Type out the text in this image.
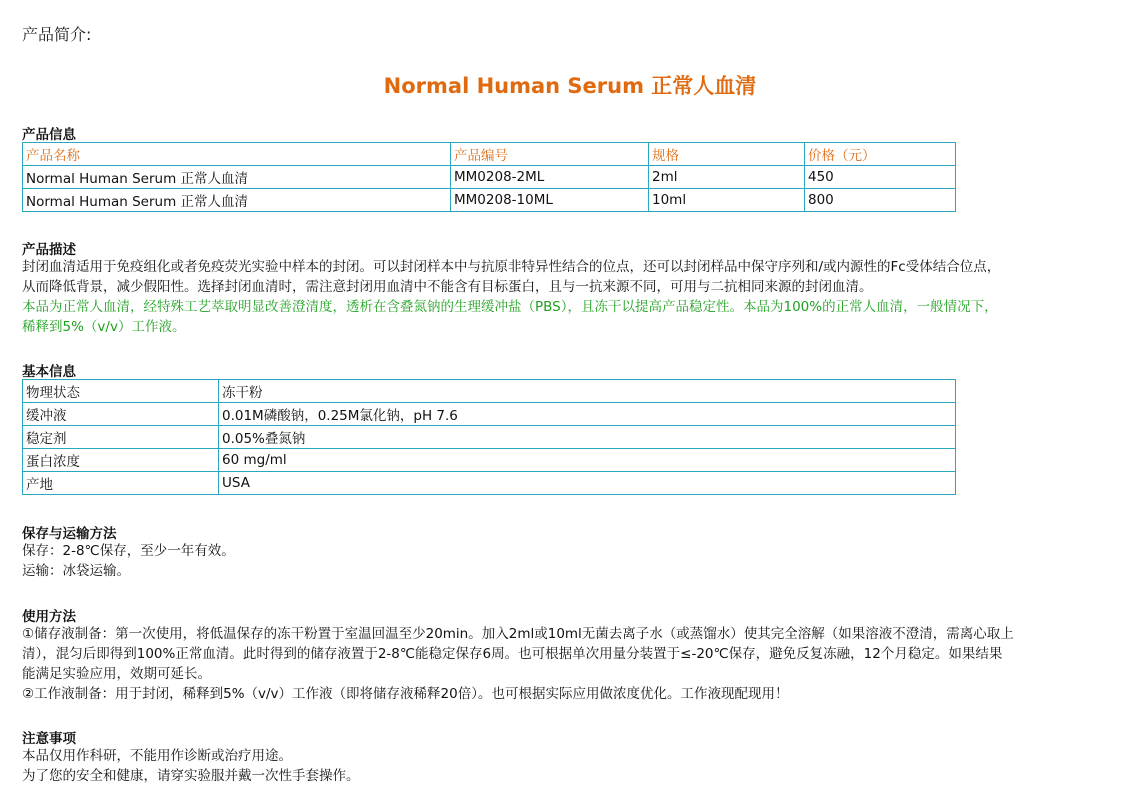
产品简介:
Normal Human Serum 正常人血清
产品信息
产品名称	产品编号	规格	价格（元）
Normal Human Serum 正常人血清	MM0208-2ML	2ml	450
Normal Human Serum 正常人血清	MM0208-10ML	10ml	800
产品描述
封闭血清适用于免疫组化或者免疫荧光实验中样本的封闭。可以封闭样本中与抗原非特异性结合的位点，还可以封闭样品中保守序列和/或内源性的Fc受体结合位点，
从而降低背景，减少假阳性。选择封闭血清时，需注意封闭用血清中不能含有目标蛋白，且与一抗来源不同，可用与二抗相同来源的封闭血清。
本品为正常人血清，经特殊工艺萃取明显改善澄清度，透析在含叠氮钠的生理缓冲盐（PBS），且冻干以提高产品稳定性。本品为100%的正常人血清，一般情况下，
稀释到5%（v/v）工作液。
基本信息
物理状态	冻干粉
缓冲液	0.01M磷酸钠，0.25M氯化钠，pH 7.6
稳定剂	0.05%叠氮钠
蛋白浓度	60 mg/ml
产地	USA
保存与运输方法
保存：2-8℃保存，至少一年有效。
运输：冰袋运输。
使用方法
①储存液制备：第一次使用，将低温保存的冻干粉置于室温回温至少20min。加入2ml或10ml无菌去离子水（或蒸馏水）使其完全溶解（如果溶液不澄清，需离心取上
清），混匀后即得到100%正常血清。此时得到的储存液置于2-8℃能稳定保存6周。也可根据单次用量分装置于≤-20℃保存，避免反复冻融，12个月稳定。如果结果
能满足实验应用，效期可延长。
②工作液制备：用于封闭，稀释到5%（v/v）工作液（即将储存液稀释20倍）。也可根据实际应用做浓度优化。工作液现配现用！
注意事项
本品仅用作科研，不能用作诊断或治疗用途。
为了您的安全和健康，请穿实验服并戴一次性手套操作。
